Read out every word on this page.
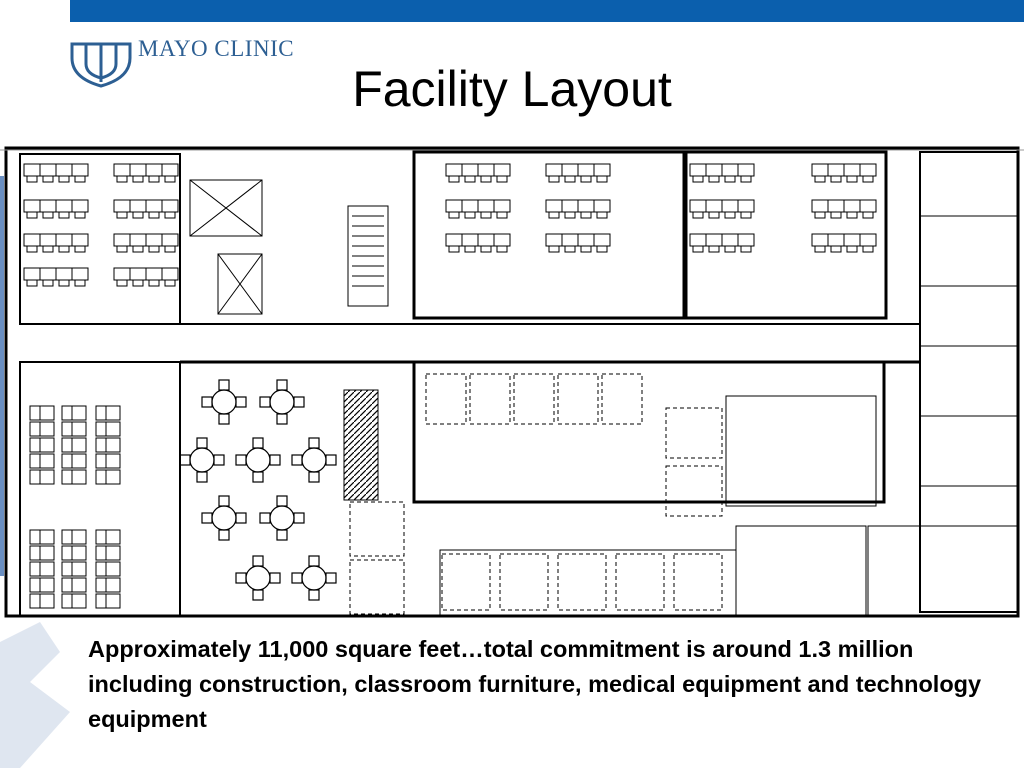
MAYO CLINIC
Facility Layout
Approximately 11,000 square feet…total commitment is around 1.3 million including construction, classroom furniture, medical equipment and technology equipment
